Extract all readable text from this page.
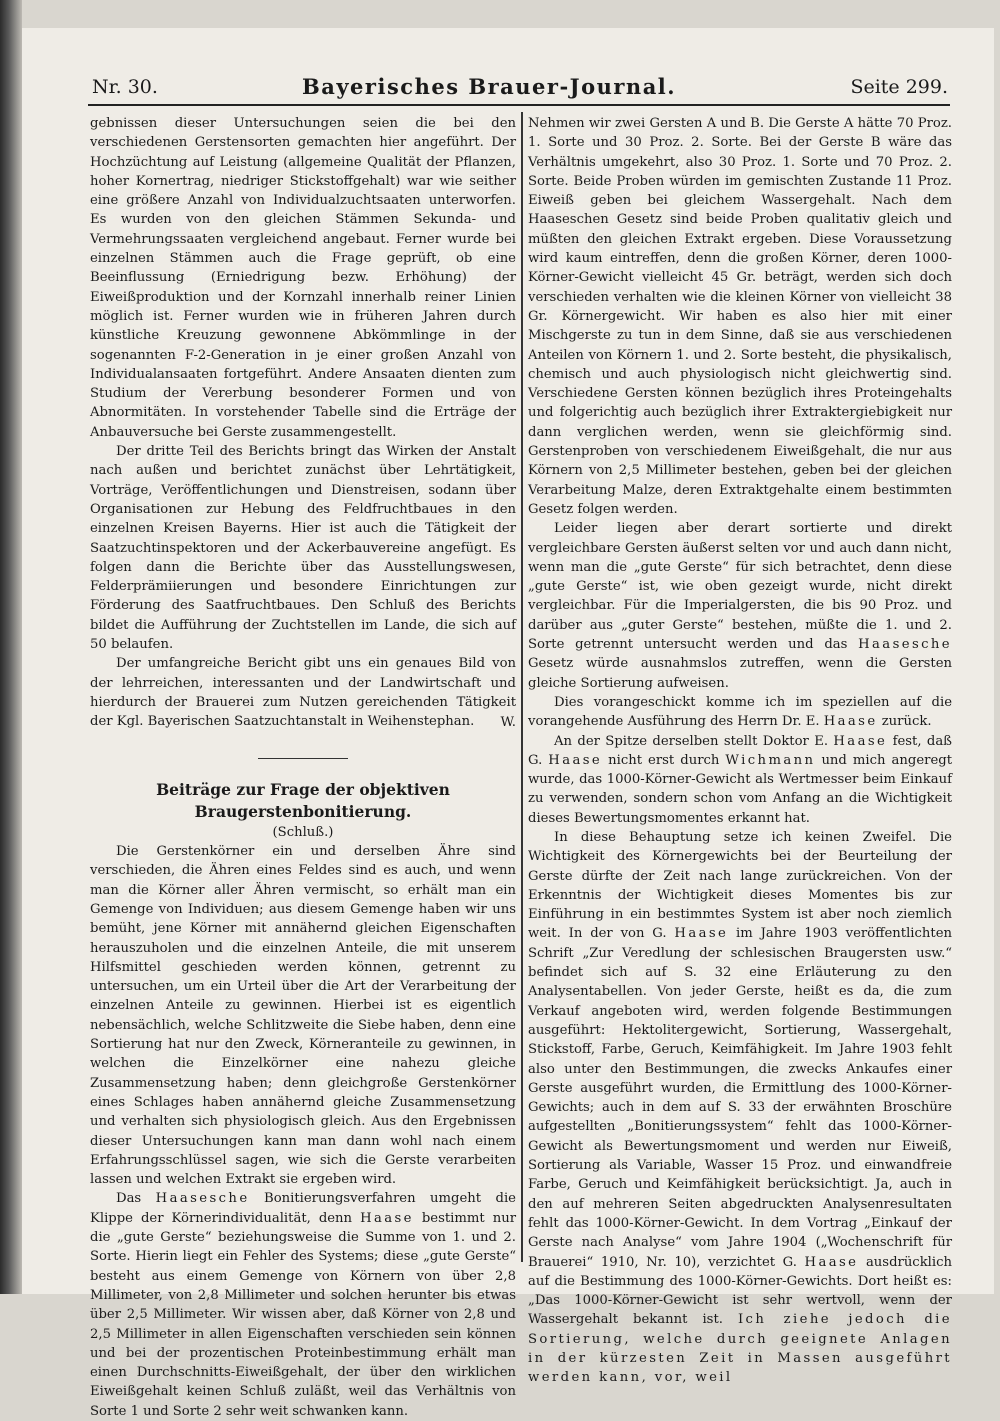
Nr. 30.	Bayerisches Brauer-Journal.	Seite 299.

gebnissen dieser Untersuchungen seien die bei den verschiedenen Gerstensorten gemachten hier angeführt. Der Hochzüchtung auf Leistung (allgemeine Qualität der Pflanzen, hoher Kornertrag, niedriger Stickstoffgehalt) war wie seither eine größere Anzahl von Individualzuchtsaaten unterworfen. Es wurden von den gleichen Stämmen Sekunda- und Vermehrungssaaten vergleichend angebaut. Ferner wurde bei einzelnen Stämmen auch die Frage geprüft, ob eine Beeinflussung (Erniedrigung bezw. Erhöhung) der Eiweißproduktion und der Kornzahl innerhalb reiner Linien möglich ist. Ferner wurden wie in früheren Jahren durch künstliche Kreuzung gewonnene Abkömmlinge in der sogenannten F-2-Generation in je einer großen Anzahl von Individualansaaten fortgeführt. Andere Ansaaten dienten zum Studium der Vererbung besonderer Formen und von Abnormitäten. In vorstehender Tabelle sind die Erträge der Anbauversuche bei Gerste zusammengestellt.

Der dritte Teil des Berichts bringt das Wirken der Anstalt nach außen und berichtet zunächst über Lehrtätigkeit, Vorträge, Veröffentlichungen und Dienstreisen, sodann über Organisationen zur Hebung des Feldfruchtbaues in den einzelnen Kreisen Bayerns. Hier ist auch die Tätigkeit der Saatzuchtinspektoren und der Ackerbauvereine angefügt. Es folgen dann die Berichte über das Ausstellungswesen, Felderprämiierungen und besondere Einrichtungen zur Förderung des Saatfruchtbaues. Den Schluß des Berichts bildet die Aufführung der Zuchtstellen im Lande, die sich auf 50 belaufen.

Der umfangreiche Bericht gibt uns ein genaues Bild von der lehrreichen, interessanten und der Landwirtschaft und hierdurch der Brauerei zum Nutzen gereichenden Tätigkeit der Kgl. Bayerischen Saatzuchtanstalt in Weihenstephan.	W.

Beiträge zur Frage der objektiven Braugerstenbonitierung.

(Schluß.)

Die Gerstenkörner ein und derselben Ähre sind verschieden, die Ähren eines Feldes sind es auch, und wenn man die Körner aller Ähren vermischt, so erhält man ein Gemenge von Individuen; aus diesem Gemenge haben wir uns bemüht, jene Körner mit annähernd gleichen Eigenschaften herauszuholen und die einzelnen Anteile, die mit unserem Hilfsmittel geschieden werden können, getrennt zu untersuchen, um ein Urteil über die Art der Verarbeitung der einzelnen Anteile zu gewinnen. Hierbei ist es eigentlich nebensächlich, welche Schlitzweite die Siebe haben, denn eine Sortierung hat nur den Zweck, Körneranteile zu gewinnen, in welchen die Einzelkörner eine nahezu gleiche Zusammensetzung haben; denn gleichgroße Gerstenkörner eines Schlages haben annähernd gleiche Zusammensetzung und verhalten sich physiologisch gleich. Aus den Ergebnissen dieser Untersuchungen kann man dann wohl nach einem Erfahrungsschlüssel sagen, wie sich die Gerste verarbeiten lassen und welchen Extrakt sie ergeben wird.

Das Haasesche Bonitierungsverfahren umgeht die Klippe der Körnerindividualität, denn Haase bestimmt nur die „gute Gerste“ beziehungsweise die Summe von 1. und 2. Sorte. Hierin liegt ein Fehler des Systems; diese „gute Gerste“ besteht aus einem Gemenge von Körnern von über 2,8 Millimeter, von 2,8 Millimeter und solchen herunter bis etwas über 2,5 Millimeter. Wir wissen aber, daß Körner von 2,8 und 2,5 Millimeter in allen Eigenschaften verschieden sein können und bei der prozentischen Proteinbestimmung erhält man einen Durchschnitts-Eiweißgehalt, der über den wirklichen Eiweißgehalt keinen Schluß zuläßt, weil das Verhältnis von Sorte 1 und Sorte 2 sehr weit schwanken kann.

Nehmen wir zwei Gersten A und B. Die Gerste A hätte 70 Proz. 1. Sorte und 30 Proz. 2. Sorte. Bei der Gerste B wäre das Verhältnis umgekehrt, also 30 Proz. 1. Sorte und 70 Proz. 2. Sorte. Beide Proben würden im gemischten Zustande 11 Proz. Eiweiß geben bei gleichem Wassergehalt. Nach dem Haaseschen Gesetz sind beide Proben qualitativ gleich und müßten den gleichen Extrakt ergeben. Diese Voraussetzung wird kaum eintreffen, denn die großen Körner, deren 1000-Körner-Gewicht vielleicht 45 Gr. beträgt, werden sich doch verschieden verhalten wie die kleinen Körner von vielleicht 38 Gr. Körnergewicht. Wir haben es also hier mit einer Mischgerste zu tun in dem Sinne, daß sie aus verschiedenen Anteilen von Körnern 1. und 2. Sorte besteht, die physikalisch, chemisch und auch physiologisch nicht gleichwertig sind. Verschiedene Gersten können bezüglich ihres Proteingehalts und folgerichtig auch bezüglich ihrer Extraktergiebigkeit nur dann verglichen werden, wenn sie gleichförmig sind. Gerstenproben von verschiedenem Eiweißgehalt, die nur aus Körnern von 2,5 Millimeter bestehen, geben bei der gleichen Verarbeitung Malze, deren Extraktgehalte einem bestimmten Gesetz folgen werden.

Leider liegen aber derart sortierte und direkt vergleichbare Gersten äußerst selten vor und auch dann nicht, wenn man die „gute Gerste“ für sich betrachtet, denn diese „gute Gerste“ ist, wie oben gezeigt wurde, nicht direkt vergleichbar. Für die Imperialgersten, die bis 90 Proz. und darüber aus „guter Gerste“ bestehen, müßte die 1. und 2. Sorte getrennt untersucht werden und das Haasesche Gesetz würde ausnahmslos zutreffen, wenn die Gersten gleiche Sortierung aufweisen.

Dies vorangeschickt komme ich im speziellen auf die vorangehende Ausführung des Herrn Dr. E. Haase zurück.

An der Spitze derselben stellt Doktor E. Haase fest, daß G. Haase nicht erst durch Wichmann und mich angeregt wurde, das 1000-Körner-Gewicht als Wertmesser beim Einkauf zu verwenden, sondern schon vom Anfang an die Wichtigkeit dieses Bewertungsmomentes erkannt hat.

In diese Behauptung setze ich keinen Zweifel. Die Wichtigkeit des Körnergewichts bei der Beurteilung der Gerste dürfte der Zeit nach lange zurückreichen. Von der Erkenntnis der Wichtigkeit dieses Momentes bis zur Einführung in ein bestimmtes System ist aber noch ziemlich weit. In der von G. Haase im Jahre 1903 veröffentlichten Schrift „Zur Veredlung der schlesischen Braugersten usw.“ befindet sich auf S. 32 eine Erläuterung zu den Analysentabellen. Von jeder Gerste, heißt es da, die zum Verkauf angeboten wird, werden folgende Bestimmungen ausgeführt: Hektolitergewicht, Sortierung, Wassergehalt, Stickstoff, Farbe, Geruch, Keimfähigkeit. Im Jahre 1903 fehlt also unter den Bestimmungen, die zwecks Ankaufes einer Gerste ausgeführt wurden, die Ermittlung des 1000-Körner-Gewichts; auch in dem auf S. 33 der erwähnten Broschüre aufgestellten „Bonitierungssystem“ fehlt das 1000-Körner-Gewicht als Bewertungsmoment und werden nur Eiweiß, Sortierung als Variable, Wasser 15 Proz. und einwandfreie Farbe, Geruch und Keimfähigkeit berücksichtigt. Ja, auch in den auf mehreren Seiten abgedruckten Analysenresultaten fehlt das 1000-Körner-Gewicht. In dem Vortrag „Einkauf der Gerste nach Analyse“ vom Jahre 1904 („Wochenschrift für Brauerei“ 1910, Nr. 10), verzichtet G. Haase ausdrücklich auf die Bestimmung des 1000-Körner-Gewichts. Dort heißt es: „Das 1000-Körner-Gewicht ist sehr wertvoll, wenn der Wassergehalt bekannt ist. Ich ziehe jedoch die Sortierung, welche durch geeignete Anlagen in der kürzesten Zeit in Massen ausgeführt werden kann, vor, weil
